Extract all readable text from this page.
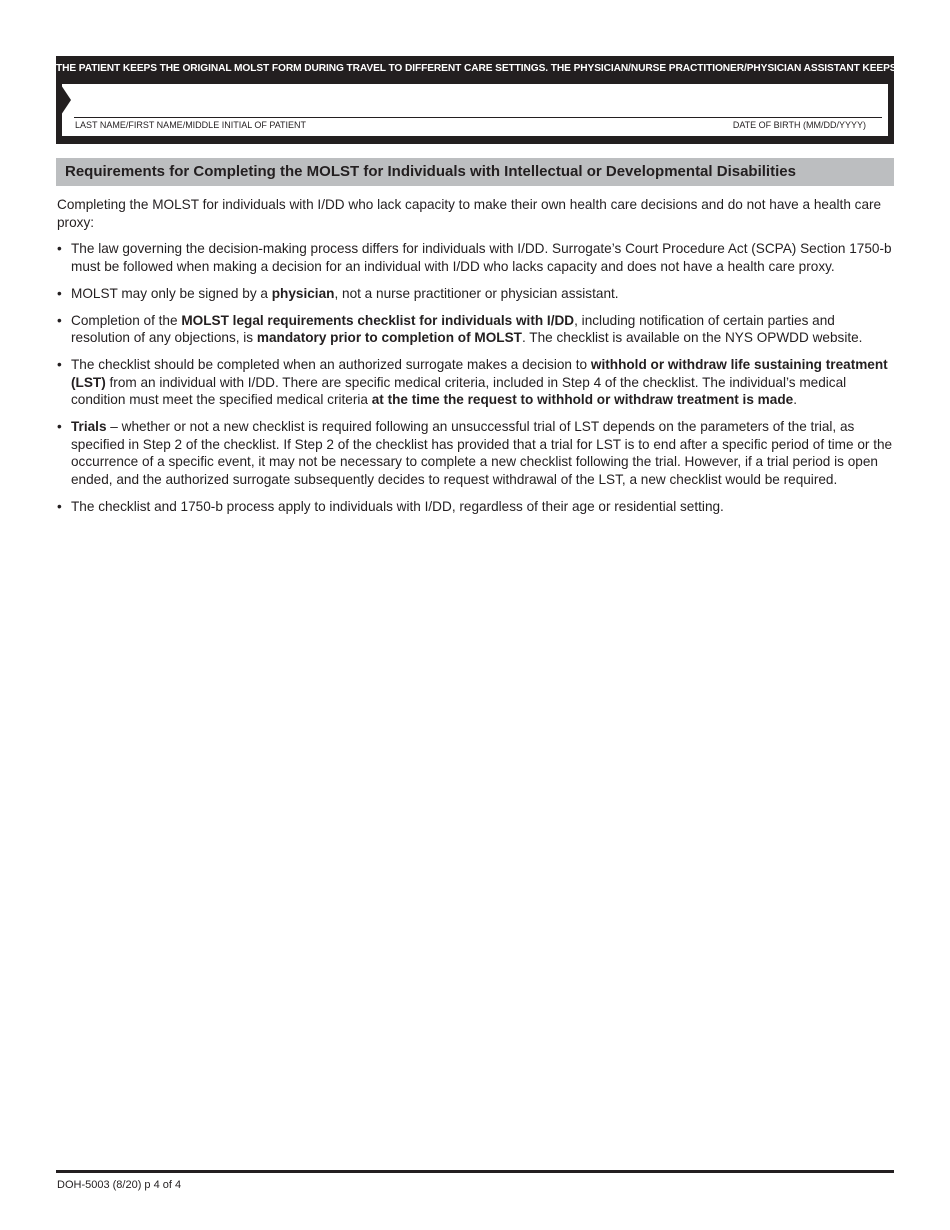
THE PATIENT KEEPS THE ORIGINAL MOLST FORM DURING TRAVEL TO DIFFERENT CARE SETTINGS. THE PHYSICIAN/NURSE PRACTITIONER/PHYSICIAN ASSISTANT KEEPS A COPY.
LAST NAME/FIRST NAME/MIDDLE INITIAL OF PATIENT	DATE OF BIRTH (MM/DD/YYYY)
Requirements for Completing the MOLST for Individuals with Intellectual or Developmental Disabilities

Completing the MOLST for individuals with I/DD who lack capacity to make their own health care decisions and do not have a health care proxy:

• The law governing the decision-making process differs for individuals with I/DD. Surrogate’s Court Procedure Act (SCPA) Section 1750-b must be followed when making a decision for an individual with I/DD who lacks capacity and does not have a health care proxy.
• MOLST may only be signed by a physician, not a nurse practitioner or physician assistant.
• Completion of the MOLST legal requirements checklist for individuals with I/DD, including notification of certain parties and resolution of any objections, is mandatory prior to completion of MOLST. The checklist is available on the NYS OPWDD website.
• The checklist should be completed when an authorized surrogate makes a decision to withhold or withdraw life sustaining treatment (LST) from an individual with I/DD. There are specific medical criteria, included in Step 4 of the checklist. The individual’s medical condition must meet the specified medical criteria at the time the request to withhold or withdraw treatment is made.
• Trials – whether or not a new checklist is required following an unsuccessful trial of LST depends on the parameters of the trial, as specified in Step 2 of the checklist. If Step 2 of the checklist has provided that a trial for LST is to end after a specific period of time or the occurrence of a specific event, it may not be necessary to complete a new checklist following the trial. However, if a trial period is open ended, and the authorized surrogate subsequently decides to request withdrawal of the LST, a new checklist would be required.
• The checklist and 1750-b process apply to individuals with I/DD, regardless of their age or residential setting.
DOH-5003 (8/20) p 4 of 4
